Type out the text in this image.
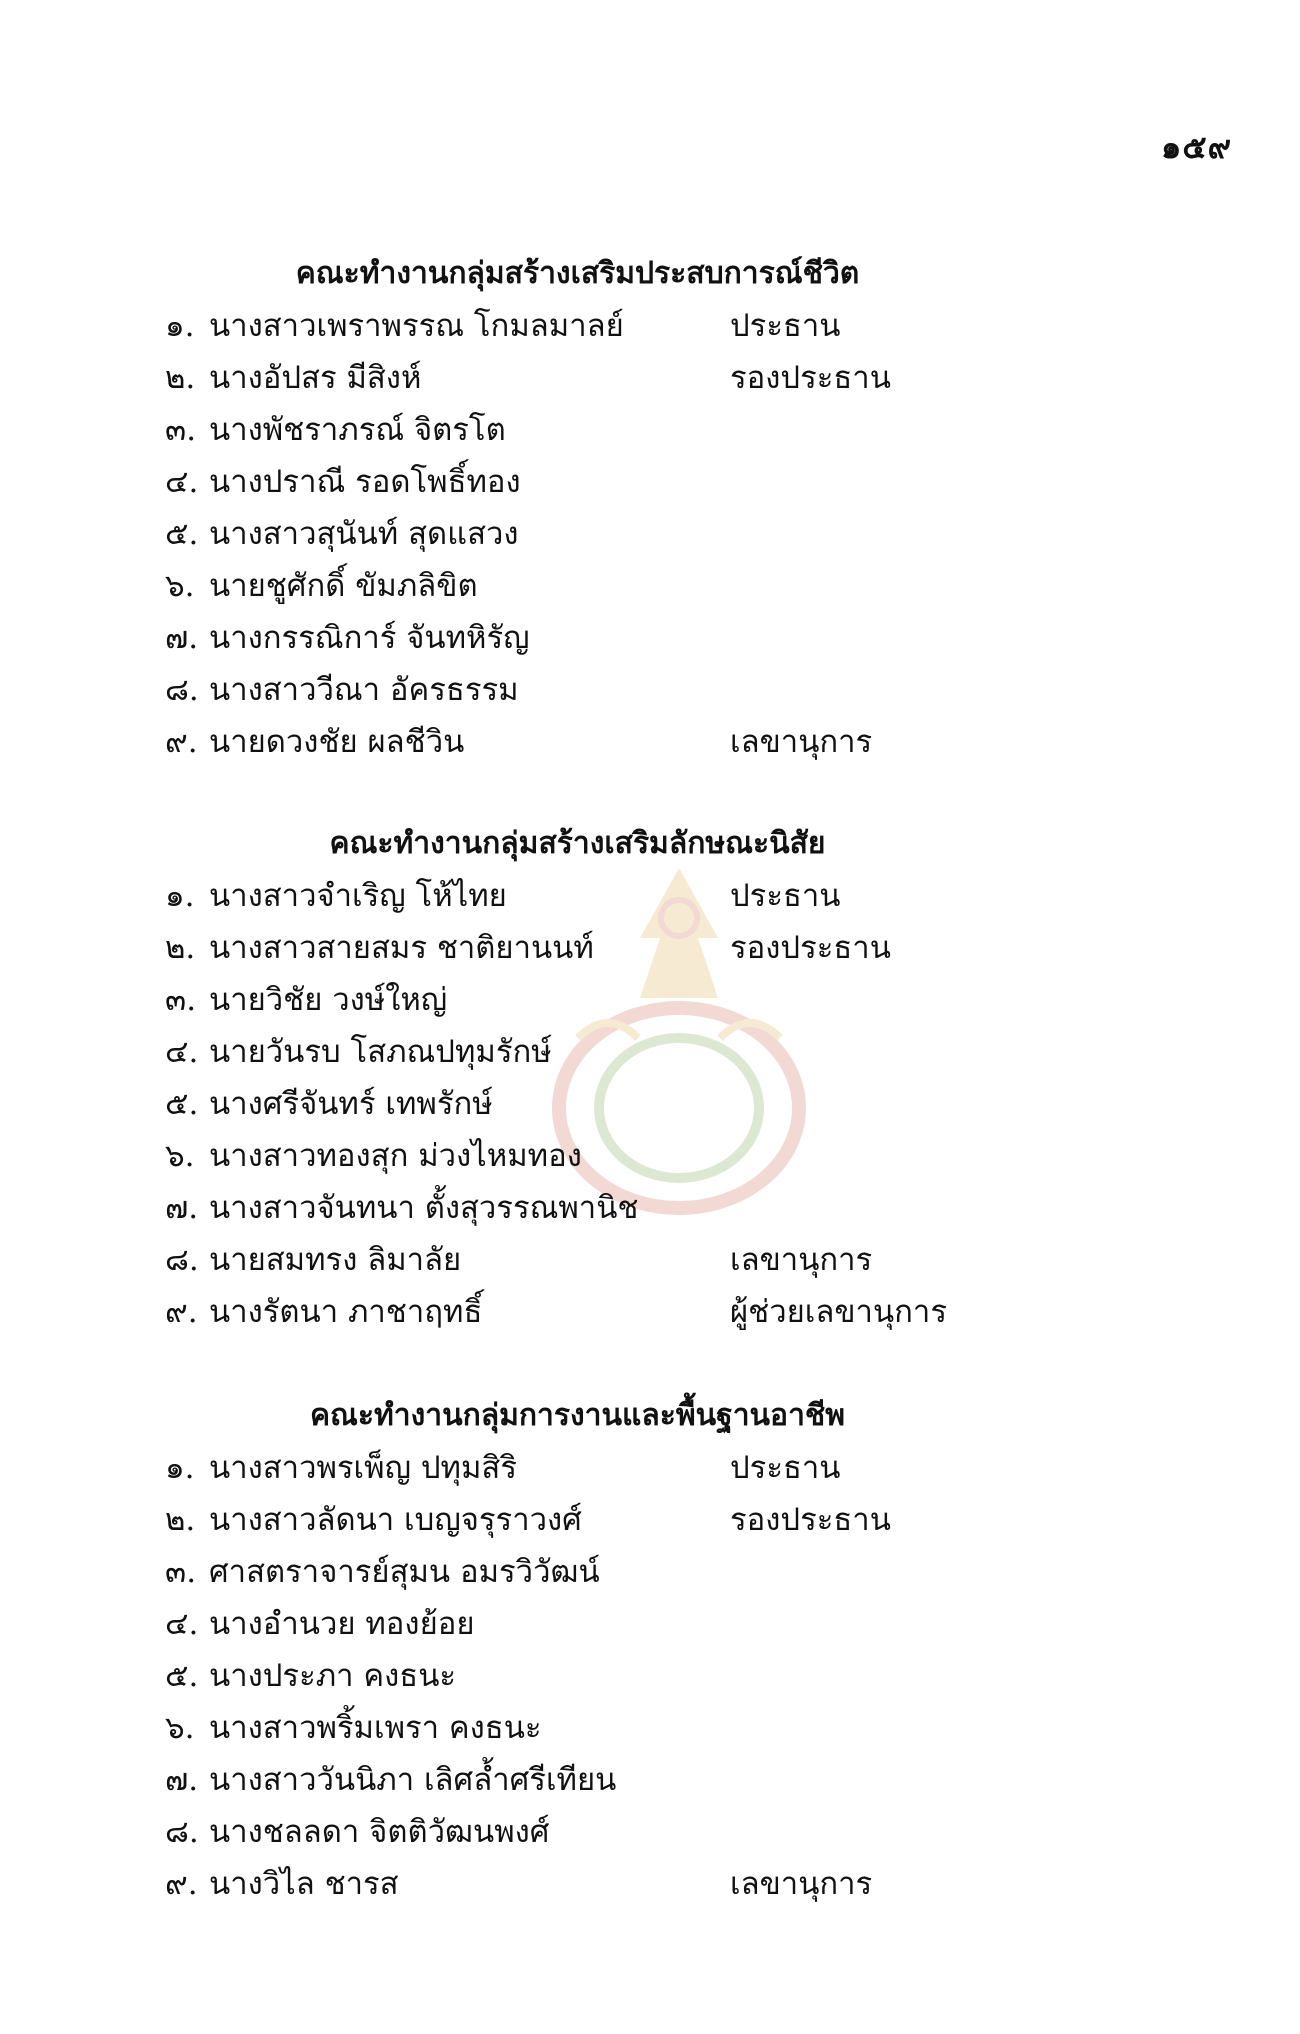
๑๕๙
คณะทำงานกลุ่มสร้างเสริมประสบการณ์ชีวิต
๑. นางสาวเพราพรรณ โกมลมาลย์	ประธาน
๒. นางอัปสร มีสิงห์	รองประธาน
๓. นางพัชราภรณ์ จิตรโต
๔. นางปราณี รอดโพธิ์ทอง
๕. นางสาวสุนันท์ สุดแสวง
๖. นายชูศักดิ์ ขัมภลิขิต
๗. นางกรรณิการ์ จันทหิรัญ
๘. นางสาววีณา อัครธรรม
๙. นายดวงชัย ผลชีวิน	เลขานุการ
คณะทำงานกลุ่มสร้างเสริมลักษณะนิสัย
๑. นางสาวจำเริญ โห้ไทย	ประธาน
๒. นางสาวสายสมร ชาติยานนท์	รองประธาน
๓. นายวิชัย วงษ์ใหญ่
๔. นายวันรบ โสภณปทุมรักษ์
๕. นางศรีจันทร์ เทพรักษ์
๖. นางสาวทองสุก ม่วงไหมทอง
๗. นางสาวจันทนา ตั้งสุวรรณพานิช
๘. นายสมทรง ลิมาลัย	เลขานุการ
๙. นางรัตนา ภาชาฤทธิ์	ผู้ช่วยเลขานุการ
คณะทำงานกลุ่มการงานและพื้นฐานอาชีพ
๑. นางสาวพรเพ็ญ ปทุมสิริ	ประธาน
๒. นางสาวลัดนา เบญจรุราวงศ์	รองประธาน
๓. ศาสตราจารย์สุมน อมรวิวัฒน์
๔. นางอำนวย ทองย้อย
๕. นางประภา คงธนะ
๖. นางสาวพริ้มเพรา คงธนะ
๗. นางสาววันนิภา เลิศล้ำศรีเทียน
๘. นางชลลดา จิตติวัฒนพงศ์
๙. นางวิไล ชารส	เลขานุการ
